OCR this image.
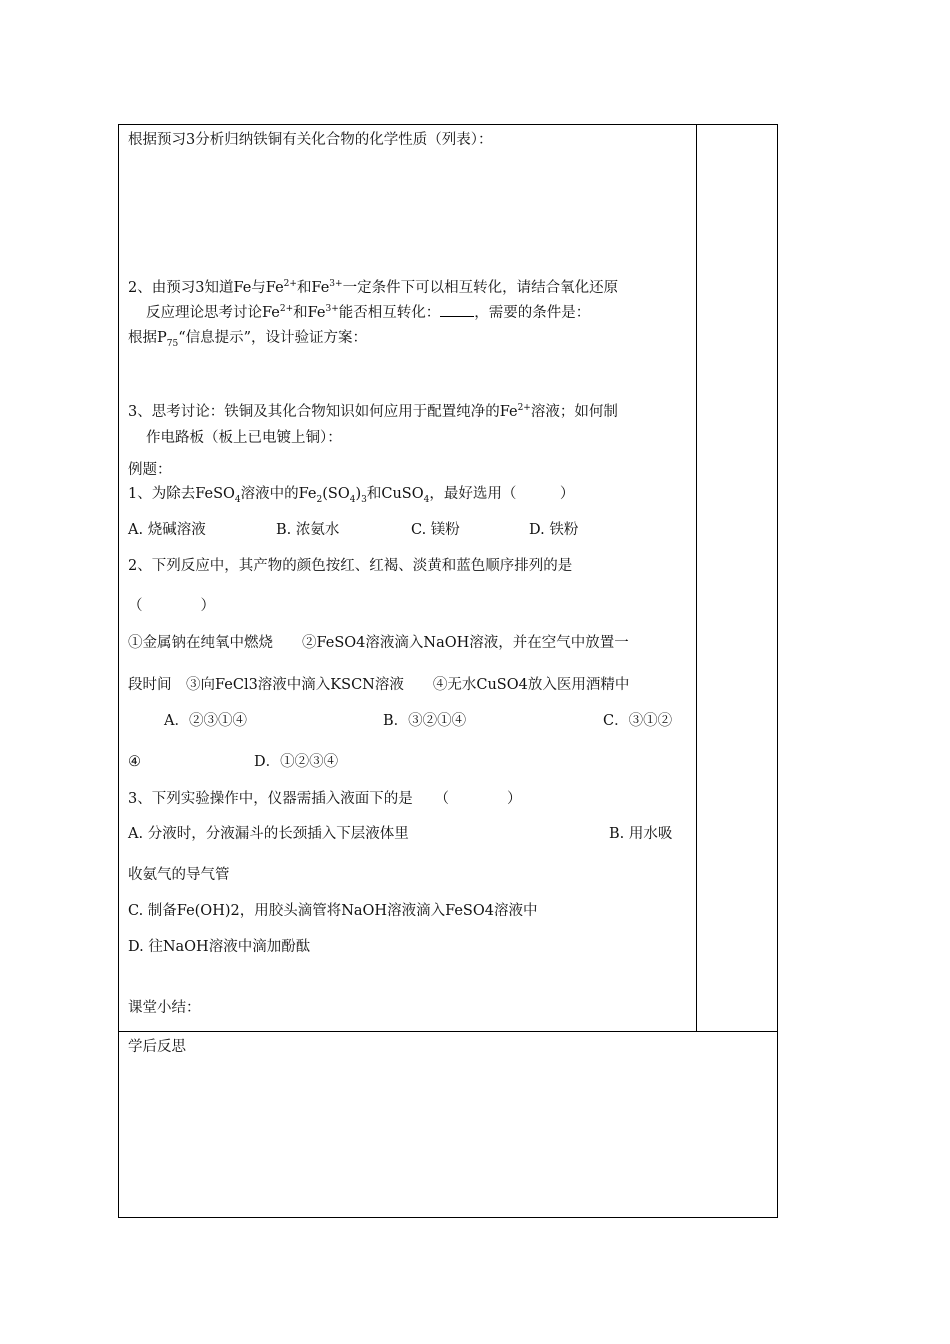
根据预习3分析归纳铁铜有关化合物的化学性质（列表）：
2、由预习3知道Fe与$Fe^{2+}$和$Fe^{3+}$一定条件下可以相互转化，请结合氧化还原
反应理论思考讨论$Fe^{2+}$和$Fe^{3+}$能否相互转化： ，需要的条件是：
根据$P_{75}“$信息提示”，设计验证方案：
3、思考讨论：铁铜及其化合物知识如何应用于配置纯净的$Fe^{2+}$溶液；如何制
作电路板（板上已电镀上铜）：
例题：
1、为除去FeSO$_4$溶液中的$Fe_2(SO_4)_3$和CuSO$_4$，最好选用（　　　）
A. 烧碱溶液	B. 浓氨水	C. 镁粉	D. 铁粉
2、下列反应中，其产物的颜色按红、红褐、淡黄和蓝色顺序排列的是
（　　　　）
①金属钠在纯氧中燃烧　　②FeSO4溶液滴入NaOH溶液，并在空气中放置一
段时间　③向FeCl3溶液中滴入KSCN溶液　　④无水CuSO4放入医用酒精中
A．②③①④	B．③②①④	C．③①②
④	D．①②③④
3、下列实验操作中，仪器需插入液面下的是　　（　　　　）
A. 分液时，分液漏斗的长颈插入下层液体里	B. 用水吸
收氨气的导气管
C. 制备Fe(OH)2，用胶头滴管将NaOH溶液滴入FeSO4溶液中
D. 往NaOH溶液中滴加酚酞
课堂小结：
学后反思
